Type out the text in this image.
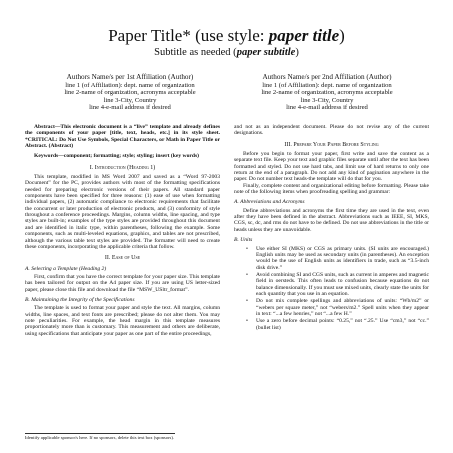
Paper Title* (use style: paper title)
Subtitle as needed (paper subtitle)
Authors Name/s per 1st Affiliation (Author)
line 1 (of Affiliation): dept. name of organization
line 2-name of organization, acronyms acceptable
line 3-City, Country
line 4-e-mail address if desired
Authors Name/s per 2nd Affiliation (Author)
line 1 (of Affiliation): dept. name of organization
line 2-name of organization, acronyms acceptable
line 3-City, Country
line 4-e-mail address if desired

Abstract—This electronic document is a “live” template and already defines the components of your paper [title, text, heads, etc.] in its style sheet. *CRITICAL: Do Not Use Symbols, Special Characters, or Math in Paper Title or Abstract. (Abstract)

Keywords—component; formatting; style; styling; insert (key words)

I. Introduction (Heading 1)

This template, modified in MS Word 2007 and saved as a “Word 97-2003 Document” for the PC, provides authors with most of the formatting specifications needed for preparing electronic versions of their papers. All standard paper components have been specified for three reasons: (1) ease of use when formatting individual papers, (2) automatic compliance to electronic requirements that facilitate the concurrent or later production of electronic products, and (3) conformity of style throughout a conference proceedings. Margins, column widths, line spacing, and type styles are built-in; examples of the type styles are provided throughout this document and are identified in italic type, within parentheses, following the example. Some components, such as multi-leveled equations, graphics, and tables are not prescribed, although the various table text styles are provided. The formatter will need to create these components, incorporating the applicable criteria that follow.

II. Ease of Use

A. Selecting a Template (Heading 2)

First, confirm that you have the correct template for your paper size. This template has been tailored for output on the A4 paper size. If you are using US letter-sized paper, please close this file and download the file “MSW_USltr_format”.

B. Maintaining the Integrity of the Specifications

The template is used to format your paper and style the text. All margins, column widths, line spaces, and text fonts are prescribed; please do not alter them. You may note peculiarities. For example, the head margin in this template measures proportionately more than is customary. This measurement and others are deliberate, using specifications that anticipate your paper as one part of the entire proceedings,

Identify applicable sponsor/s here. If no sponsors, delete this text box (sponsors).

and not as an independent document. Please do not revise any of the current designations.

III. Prepare Your Paper Before Styling

Before you begin to format your paper, first write and save the content as a separate text file. Keep your text and graphic files separate until after the text has been formatted and styled. Do not use hard tabs, and limit use of hard returns to only one return at the end of a paragraph. Do not add any kind of pagination anywhere in the paper. Do not number text heads-the template will do that for you.

Finally, complete content and organizational editing before formatting. Please take note of the following items when proofreading spelling and grammar:

A. Abbreviations and Acronyms

Define abbreviations and acronyms the first time they are used in the text, even after they have been defined in the abstract. Abbreviations such as IEEE, SI, MKS, CGS, sc, dc, and rms do not have to be defined. Do not use abbreviations in the title or heads unless they are unavoidable.

B. Units

• Use either SI (MKS) or CGS as primary units. (SI units are encouraged.) English units may be used as secondary units (in parentheses). An exception would be the use of English units as identifiers in trade, such as “3.5-inch disk drive.”

• Avoid combining SI and CGS units, such as current in amperes and magnetic field in oersteds. This often leads to confusion because equations do not balance dimensionally. If you must use mixed units, clearly state the units for each quantity that you use in an equation.

• Do not mix complete spellings and abbreviations of units: “Wb/m2” or “webers per square meter,” not “webers/m2.” Spell units when they appear in text: “...a few henries,” not “...a few H.”

• Use a zero before decimal points: “0.25,” not “.25.” Use “cm3,” not “cc.” (bullet list)
